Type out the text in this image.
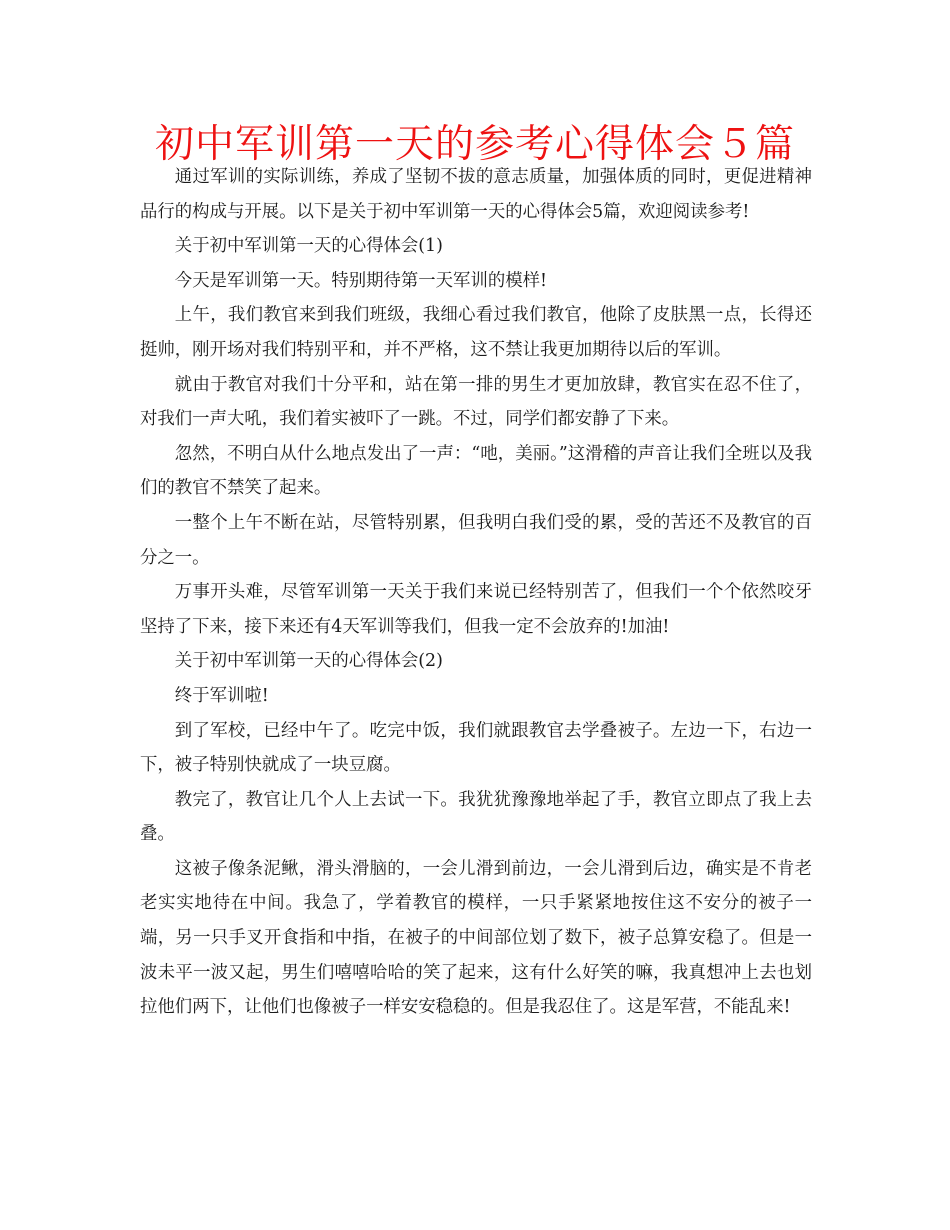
初中军训第一天的参考心得体会５篇

通过军训的实际训练，养成了坚韧不拔的意志质量，加强体质的同时，更促进精神品行的构成与开展。以下是关于初中军训第一天的心得体会5篇，欢迎阅读参考!

关于初中军训第一天的心得体会(1)

今天是军训第一天。特别期待第一天军训的模样!

上午，我们教官来到我们班级，我细心看过我们教官，他除了皮肤黑一点，长得还挺帅，刚开场对我们特别平和，并不严格，这不禁让我更加期待以后的军训。

就由于教官对我们十分平和，站在第一排的男生才更加放肆，教官实在忍不住了，对我们一声大吼，我们着实被吓了一跳。不过，同学们都安静了下来。

忽然，不明白从什么地点发出了一声：“吔，美丽。”这滑稽的声音让我们全班以及我们的教官不禁笑了起来。

一整个上午不断在站，尽管特别累，但我明白我们受的累，受的苦还不及教官的百分之一。

万事开头难，尽管军训第一天关于我们来说已经特别苦了，但我们一个个依然咬牙坚持了下来，接下来还有4天军训等我们，但我一定不会放弃的!加油!

关于初中军训第一天的心得体会(2)

终于军训啦!

到了军校，已经中午了。吃完中饭，我们就跟教官去学叠被子。左边一下，右边一下，被子特别快就成了一块豆腐。

教完了，教官让几个人上去试一下。我犹犹豫豫地举起了手，教官立即点了我上去叠。

这被子像条泥鳅，滑头滑脑的，一会儿滑到前边，一会儿滑到后边，确实是不肯老老实实地待在中间。我急了，学着教官的模样，一只手紧紧地按住这不安分的被子一端，另一只手叉开食指和中指，在被子的中间部位划了数下，被子总算安稳了。但是一波未平一波又起，男生们嘻嘻哈哈的笑了起来，这有什么好笑的嘛，我真想冲上去也划拉他们两下，让他们也像被子一样安安稳稳的。但是我忍住了。这是军营，不能乱来!
